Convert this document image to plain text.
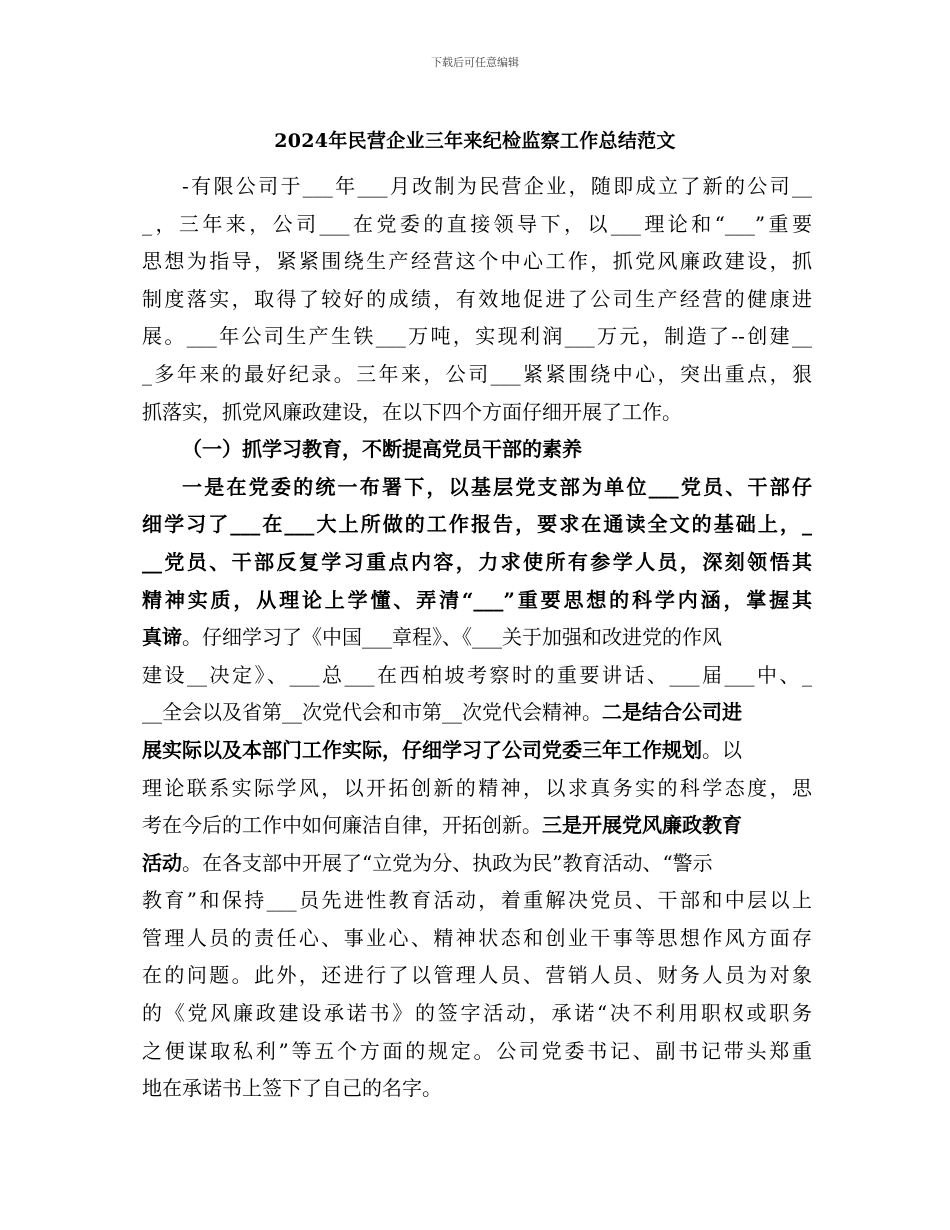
下载后可任意编辑
2024年民营企业三年来纪检监察工作总结范文
-有限公司于___年___月改制为民营企业，随即成立了新的公司__
_，三年来，公司___在党委的直接领导下，以___理论和“___”重要
思想为指导，紧紧围绕生产经营这个中心工作，抓党风廉政建设，抓
制度落实，取得了较好的成绩，有效地促进了公司生产经营的健康进
展。___年公司生产生铁___万吨，实现利润___万元，制造了--创建__
_多年来的最好纪录。三年来，公司___紧紧围绕中心，突出重点，狠
抓落实，抓党风廉政建设，在以下四个方面仔细开展了工作。
（一）抓学习教育，不断提高党员干部的素养
一是在党委的统一布署下，以基层党支部为单位___党员、干部仔
细学习了___在___大上所做的工作报告，要求在通读全文的基础上，_
__党员、干部反复学习重点内容，力求使所有参学人员，深刻领悟其
精神实质，从理论上学懂、弄清“___”重要思想的科学内涵，掌握其
真谛。仔细学习了《中国___章程》、《___关于加强和改进党的作风
建设__决定》、___总___在西柏坡考察时的重要讲话、___届___中、_
__全会以及省第__次党代会和市第__次党代会精神。二是结合公司进
展实际以及本部门工作实际，仔细学习了公司党委三年工作规划。以
理论联系实际学风，以开拓创新的精神，以求真务实的科学态度，思
考在今后的工作中如何廉洁自律，开拓创新。三是开展党风廉政教育
活动。在各支部中开展了“立党为分、执政为民”教育活动、“警示
教育”和保持___员先进性教育活动，着重解决党员、干部和中层以上
管理人员的责任心、事业心、精神状态和创业干事等思想作风方面存
在的问题。此外，还进行了以管理人员、营销人员、财务人员为对象
的《党风廉政建设承诺书》的签字活动，承诺“决不利用职权或职务
之便谋取私利”等五个方面的规定。公司党委书记、副书记带头郑重
地在承诺书上签下了自己的名字。
